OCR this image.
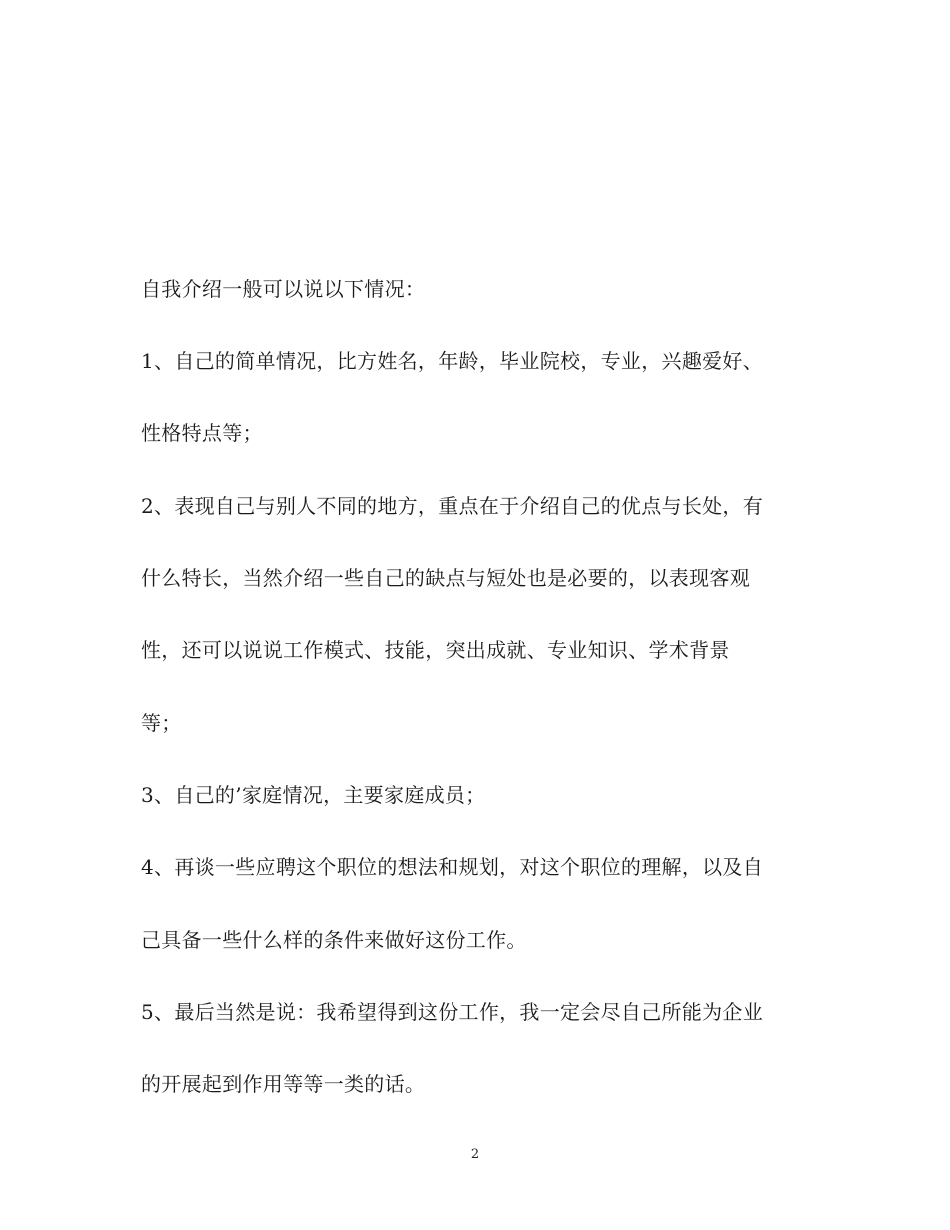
自我介绍一般可以说以下情况：
1、自己的简单情况，比方姓名，年龄，毕业院校，专业，兴趣爱好、
性格特点等；
2、表现自己与别人不同的地方，重点在于介绍自己的优点与长处，有
什么特长，当然介绍一些自己的缺点与短处也是必要的，以表现客观
性，还可以说说工作模式、技能，突出成就、专业知识、学术背景
等；
3、自己的’家庭情况，主要家庭成员；
4、再谈一些应聘这个职位的想法和规划，对这个职位的理解，以及自
己具备一些什么样的条件来做好这份工作。
5、最后当然是说：我希望得到这份工作，我一定会尽自己所能为企业
的开展起到作用等等一类的话。
2
